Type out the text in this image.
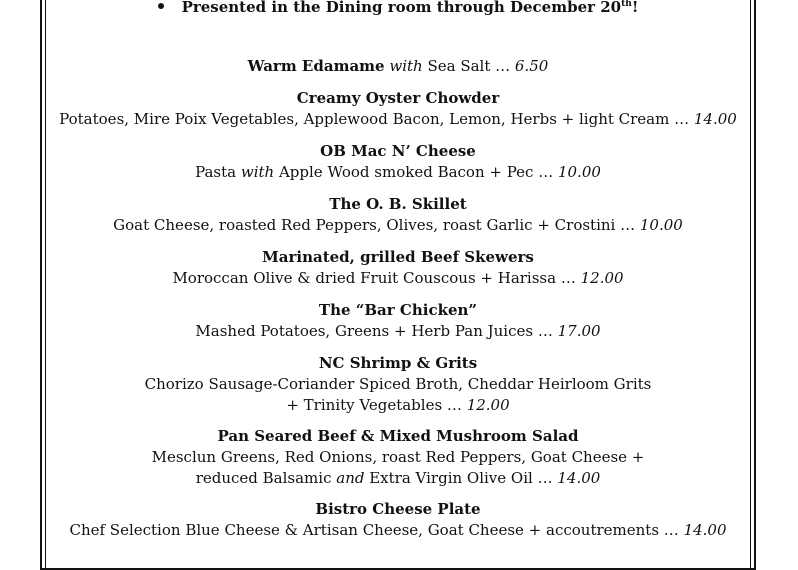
Presented in the Dining room through December 20th!
Warm Edamame with Sea Salt … 6.50
Creamy Oyster Chowder
Potatoes, Mire Poix Vegetables, Applewood Bacon, Lemon, Herbs + light Cream … 14.00
OB Mac N’ Cheese
Pasta with Apple Wood smoked Bacon + Pec … 10.00
The O. B. Skillet
Goat Cheese, roasted Red Peppers, Olives, roast Garlic + Crostini … 10.00
Marinated, grilled Beef Skewers
Moroccan Olive & dried Fruit Couscous + Harissa … 12.00
The “Bar Chicken”
Mashed Potatoes, Greens + Herb Pan Juices … 17.00
NC Shrimp & Grits
Chorizo Sausage-Coriander Spiced Broth, Cheddar Heirloom Grits
+ Trinity Vegetables … 12.00
Pan Seared Beef & Mixed Mushroom Salad
Mesclun Greens, Red Onions, roast Red Peppers, Goat Cheese +
reduced Balsamic and Extra Virgin Olive Oil … 14.00
Bistro Cheese Plate
Chef Selection Blue Cheese & Artisan Cheese, Goat Cheese + accoutrements … 14.00
